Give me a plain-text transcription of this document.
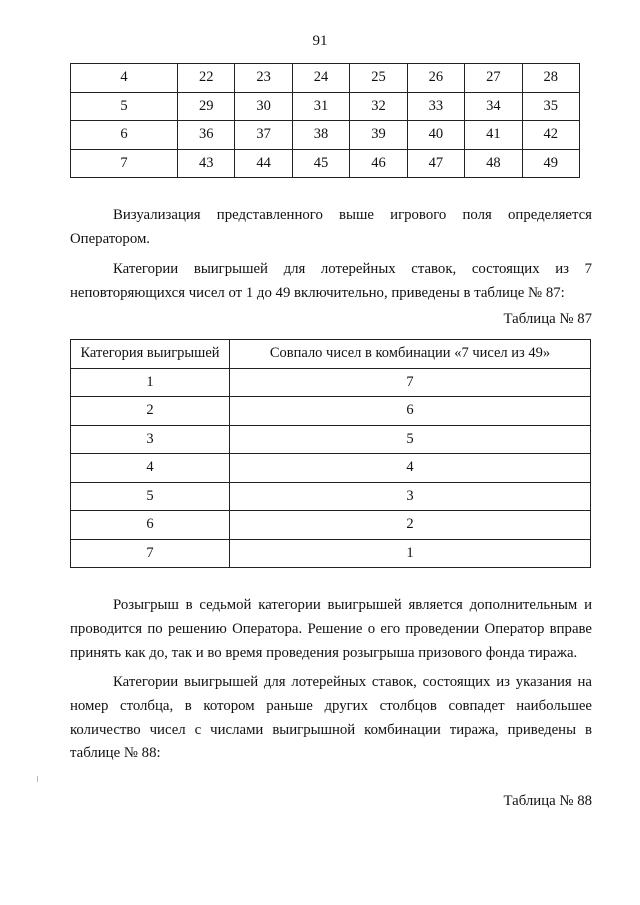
91
4	22	23	24	25	26	27	28
5	29	30	31	32	33	34	35
6	36	37	38	39	40	41	42
7	43	44	45	46	47	48	49

Визуализация представленного выше игрового поля определяется Оператором.

Категории выигрышей для лотерейных ставок, состоящих из 7 неповторяющихся чисел от 1 до 49 включительно, приведены в таблице № 87:

Таблица № 87
Категория выигрышей	Совпало чисел в комбинации «7 чисел из 49»
1	7
2	6
3	5
4	4
5	3
6	2
7	1

Розыгрыш в седьмой категории выигрышей является дополнительным и проводится по решению Оператора. Решение о его проведении Оператор вправе принять как до, так и во время проведения розыгрыша призового фонда тиража.

Категории выигрышей для лотерейных ставок, состоящих из указания на номер столбца, в котором раньше других столбцов совпадет наибольшее количество чисел с числами выигрышной комбинации тиража, приведены в таблице № 88:

Таблица № 88
